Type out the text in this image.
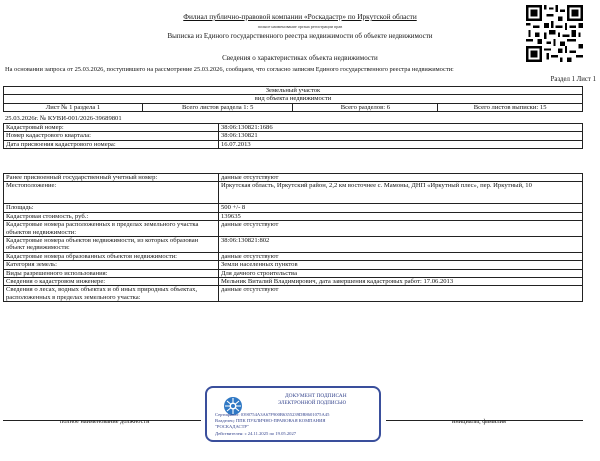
Филиал публично-правовой компании «Роскадастр» по Иркутской области
полное наименование органа регистрации прав
Выписка из Единого государственного реестра недвижимости об объекте недвижимости
Сведения о характеристиках объекта недвижимости
На основании запроса от 25.03.2026, поступившего на рассмотрение 25.03.2026, сообщаем, что согласно записям Единого государственного реестра недвижимости:
Раздел 1 Лист 1
Земельный участок
вид объекта недвижимости
Лист № 1 раздела 1	Всего листов раздела 1: 5	Всего разделов: 6	Всего листов выписки: 15
25.03.2026г. № КУВИ-001/2026-39689801
Кадастровый номер:	38:06:130821:1686
Номер кадастрового квартала:	38:06:130821
Дата присвоения кадастрового номера:	16.07.2013
Ранее присвоенный государственный учетный номер:	данные отсутствуют
Местоположение:	Иркутская область, Иркутский район, 2,2 км восточнее с. Мамоны, ДНП «Иркутный плеc», пер. Иркутный, 10
Площадь:	500 +/- 8
Кадастровая стоимость, руб.:	139635
Кадастровые номера расположенных в пределах земельного участка объектов недвижимости:	данные отсутствуют
Кадастровые номера объектов недвижимости, из которых образован объект недвижимости:	38:06:130821:802
Кадастровые номера образованных объектов недвижимости:	данные отсутствуют
Категория земель:	Земли населенных пунктов
Виды разрешенного использования:	Для дачного строительства
Сведения о кадастровом инженере:	Мельник Виталий Владимирович, дата завершения кадастровых работ: 17.06.2013
Сведения о лесах, водных объектах и об иных природных объектах, расположенных в пределах земельного участка:	данные отсутствуют
полное наименование должности	инициалы, фамилия
ДОКУМЕНТ ПОДПИСАН
ЭЛЕКТРОННОЙ ПОДПИСЬЮ
Сертификат: 0390754A3A67F900B6355239DB8601075A45
Владелец: ППК ПУБЛИЧНО-ПРАВОВАЯ КОМПАНИЯ
"РОСКАДАСТР"
Действителен: с 24.11.2025 по 19.05.2027
